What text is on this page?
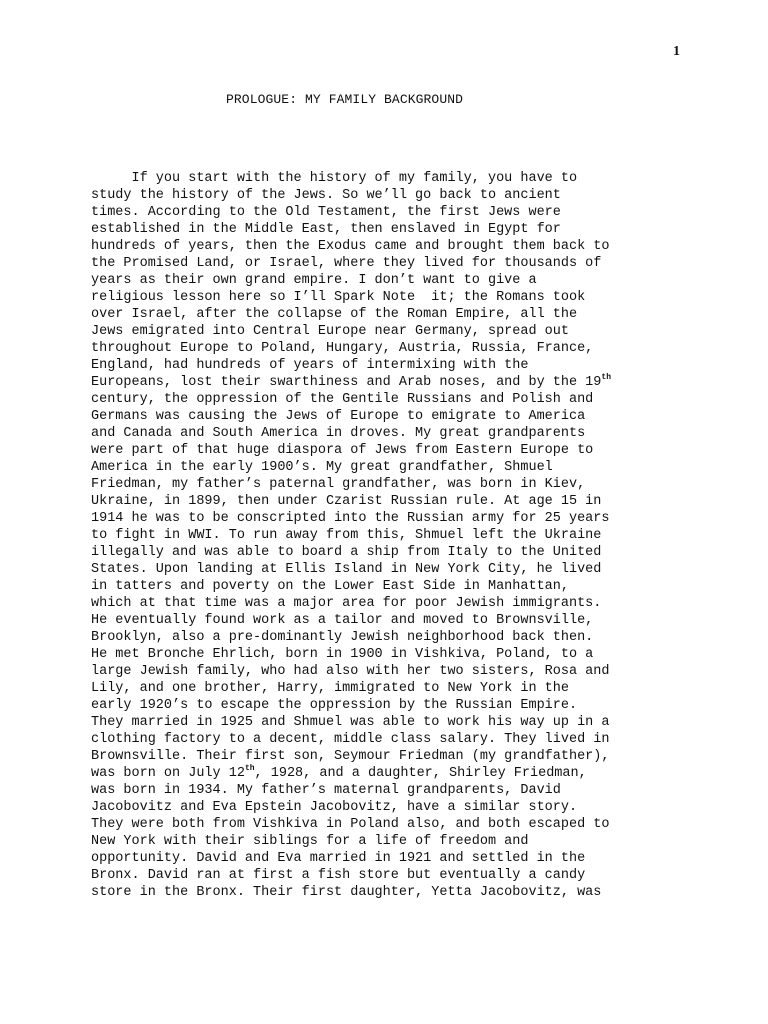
1
PROLOGUE: MY FAMILY BACKGROUND
If you start with the history of my family, you have to
study the history of the Jews. So we’ll go back to ancient
times. According to the Old Testament, the first Jews were
established in the Middle East, then enslaved in Egypt for
hundreds of years, then the Exodus came and brought them back to
the Promised Land, or Israel, where they lived for thousands of
years as their own grand empire. I don’t want to give a
religious lesson here so I’ll Spark Note  it; the Romans took
over Israel, after the collapse of the Roman Empire, all the
Jews emigrated into Central Europe near Germany, spread out
throughout Europe to Poland, Hungary, Austria, Russia, France,
England, had hundreds of years of intermixing with the
Europeans, lost their swarthiness and Arab noses, and by the 19th
century, the oppression of the Gentile Russians and Polish and
Germans was causing the Jews of Europe to emigrate to America
and Canada and South America in droves. My great grandparents
were part of that huge diaspora of Jews from Eastern Europe to
America in the early 1900’s. My great grandfather, Shmuel
Friedman, my father’s paternal grandfather, was born in Kiev,
Ukraine, in 1899, then under Czarist Russian rule. At age 15 in
1914 he was to be conscripted into the Russian army for 25 years
to fight in WWI. To run away from this, Shmuel left the Ukraine
illegally and was able to board a ship from Italy to the United
States. Upon landing at Ellis Island in New York City, he lived
in tatters and poverty on the Lower East Side in Manhattan,
which at that time was a major area for poor Jewish immigrants.
He eventually found work as a tailor and moved to Brownsville,
Brooklyn, also a pre-dominantly Jewish neighborhood back then.
He met Bronche Ehrlich, born in 1900 in Vishkiva, Poland, to a
large Jewish family, who had also with her two sisters, Rosa and
Lily, and one brother, Harry, immigrated to New York in the
early 1920’s to escape the oppression by the Russian Empire.
They married in 1925 and Shmuel was able to work his way up in a
clothing factory to a decent, middle class salary. They lived in
Brownsville. Their first son, Seymour Friedman (my grandfather),
was born on July 12th, 1928, and a daughter, Shirley Friedman,
was born in 1934. My father’s maternal grandparents, David
Jacobovitz and Eva Epstein Jacobovitz, have a similar story.
They were both from Vishkiva in Poland also, and both escaped to
New York with their siblings for a life of freedom and
opportunity. David and Eva married in 1921 and settled in the
Bronx. David ran at first a fish store but eventually a candy
store in the Bronx. Their first daughter, Yetta Jacobovitz, was
